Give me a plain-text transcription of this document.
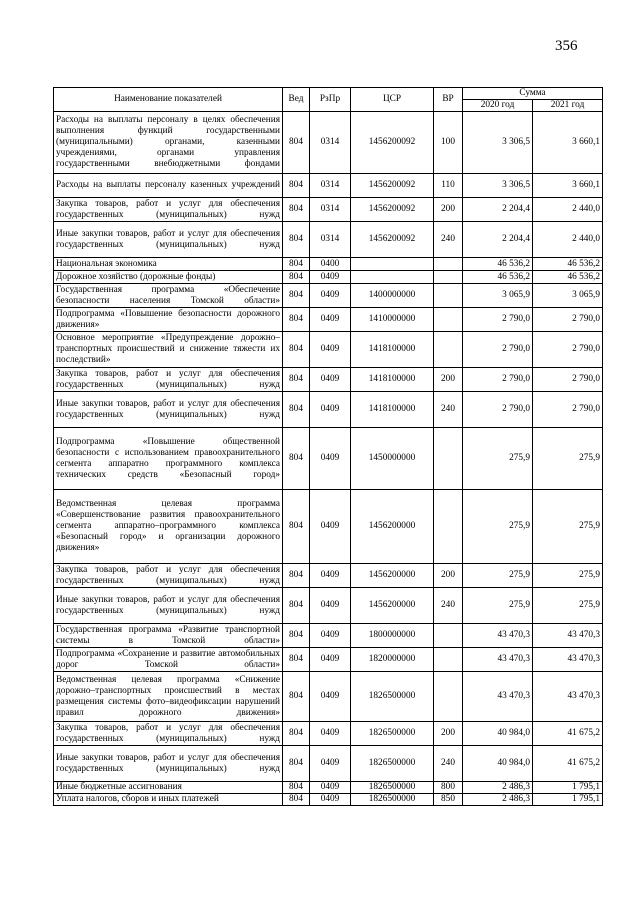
356
Наименование показателей	Вед	РзПр	ЦСР	ВР	Сумма	
					2020 год	2021 год
Расходы на выплаты персоналу в целях обеспечения выполнения функций государственными (муниципальными) органами, казенными учреждениями, органами управления государственными внебюджетными фондами	804	0314	1456200092	100	3 306,5	3 660,1
Расходы на выплаты персоналу казенных учреждений	804	0314	1456200092	110	3 306,5	3 660,1
Закупка товаров, работ и услуг для обеспечения государственных (муниципальных) нужд	804	0314	1456200092	200	2 204,4	2 440,0
Иные закупки товаров, работ и услуг для обеспечения государственных (муниципальных) нужд	804	0314	1456200092	240	2 204,4	2 440,0
Национальная экономика	804	0400			46 536,2	46 536,2
Дорожное хозяйство (дорожные фонды)	804	0409			46 536,2	46 536,2
Государственная программа «Обеспечение безопасности населения Томской области»	804	0409	1400000000		3 065,9	3 065,9
Подпрограмма «Повышение безопасности дорожного движения»	804	0409	1410000000		2 790,0	2 790,0
Основное мероприятие «Предупреждение дорожно–транспортных происшествий и снижение тяжести их последствий»	804	0409	1418100000		2 790,0	2 790,0
Закупка товаров, работ и услуг для обеспечения государственных (муниципальных) нужд	804	0409	1418100000	200	2 790,0	2 790,0
Иные закупки товаров, работ и услуг для обеспечения государственных (муниципальных) нужд	804	0409	1418100000	240	2 790,0	2 790,0
Подпрограмма «Повышение общественной безопасности с использованием правоохранительного сегмента аппаратно программного комплекса технических средств «Безопасный город»	804	0409	1450000000		275,9	275,9
Ведомственная целевая программа «Совершенствование развития правоохранительного сегмента аппаратно–программного комплекса «Безопасный город» и организации дорожного движения»	804	0409	1456200000		275,9	275,9
Закупка товаров, работ и услуг для обеспечения государственных (муниципальных) нужд	804	0409	1456200000	200	275,9	275,9
Иные закупки товаров, работ и услуг для обеспечения государственных (муниципальных) нужд	804	0409	1456200000	240	275,9	275,9
Государственная программа «Развитие транспортной системы в Томской области»	804	0409	1800000000		43 470,3	43 470,3
Подпрограмма «Сохранение и развитие автомобильных дорог Томской области»	804	0409	1820000000		43 470,3	43 470,3
Ведомственная целевая программа «Снижение дорожно–транспортных происшествий в местах размещения системы фото–видеофиксации нарушений правил дорожного движения»	804	0409	1826500000		43 470,3	43 470,3
Закупка товаров, работ и услуг для обеспечения государственных (муниципальных) нужд	804	0409	1826500000	200	40 984,0	41 675,2
Иные закупки товаров, работ и услуг для обеспечения государственных (муниципальных) нужд	804	0409	1826500000	240	40 984,0	41 675,2
Иные бюджетные ассигнования	804	0409	1826500000	800	2 486,3	1 795,1
Уплата налогов, сборов и иных платежей	804	0409	1826500000	850	2 486,3	1 795,1
